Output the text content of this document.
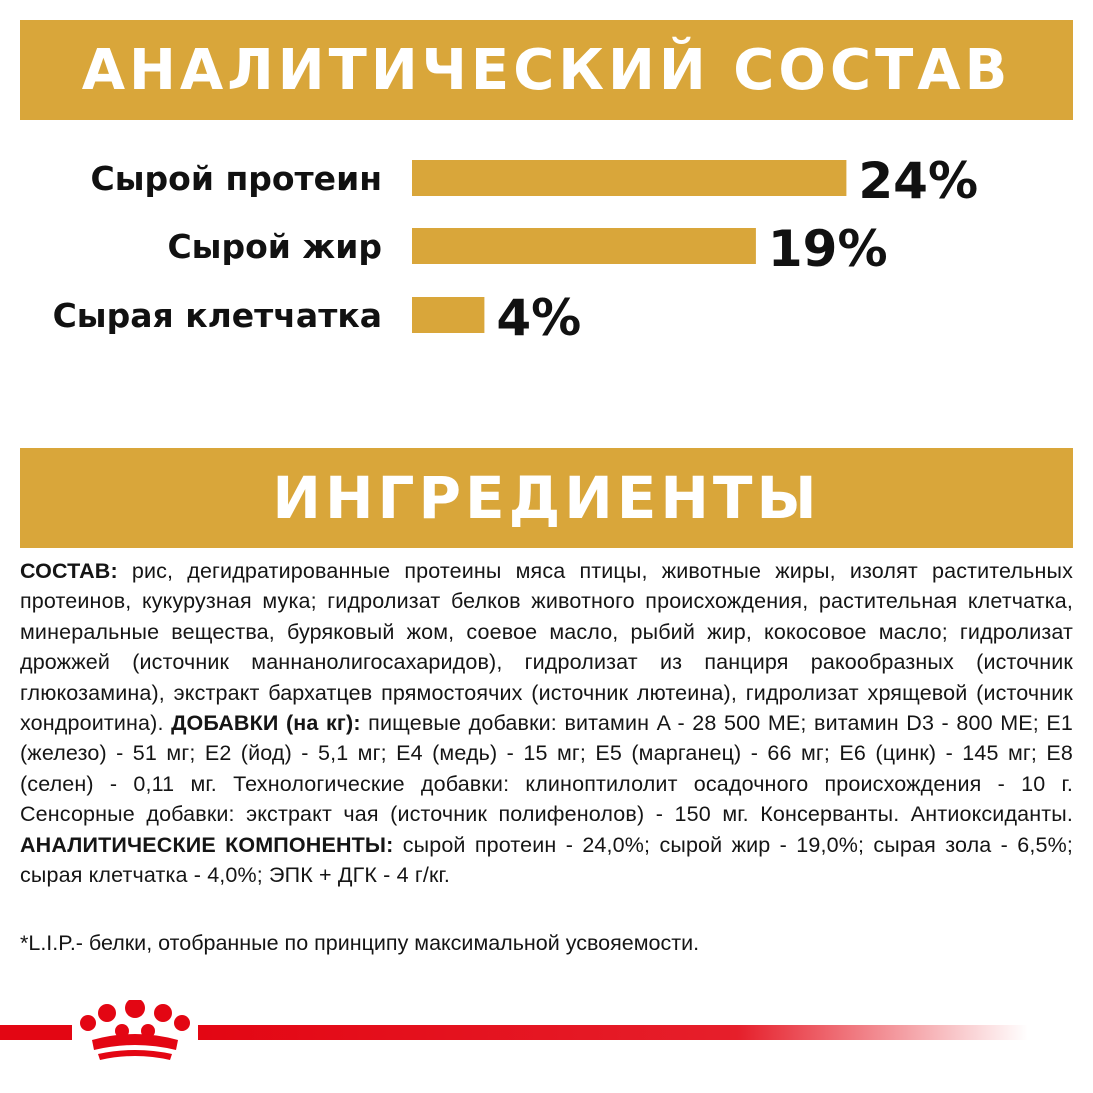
АНАЛИТИЧЕСКИЙ СОСТАВ
Сырой протеин	24%
Сырой жир	19%
Сырая клетчатка 4%
ИНГРЕДИЕНТЫ
СОСТАВ: рис, дегидратированные протеины мяса птицы, животные жиры, изолят растительных протеинов, кукурузная мука; гидролизат белков животного происхождения, растительная клетчатка, минеральные вещества, буряковый жом, соевое масло, рыбий жир, кокосовое масло; гидролизат дрожжей (источник маннанолигосахаридов), гидролизат из панциря ракообразных (источник глюкозамина), экстракт бархатцев прямостоячих (источник лютеина), гидролизат хрящевой (источник хондроитина). ДОБАВКИ (на кг): пищевые добавки: витамин A - 28 500 МЕ; витамин D3 - 800 МЕ; E1 (железо) - 51 мг; E2 (йод) - 5,1 мг; E4 (медь) - 15 мг; E5 (марганец) - 66 мг; E6 (цинк) - 145 мг; E8 (селен) - 0,11 мг. Технологические добавки: клиноптилолит осадочного происхождения - 10 г. Сенсорные добавки: экстракт чая (источник полифенолов) - 150 мг. Консерванты. Антиоксиданты. АНАЛИТИЧЕСКИЕ КОМПОНЕНТЫ: сырой протеин - 24,0%; сырой жир - 19,0%; сырая зола - 6,5%; сырая клетчатка - 4,0%; ЭПК + ДГК - 4 г/кг.
*L.I.P.- белки, отобранные по принципу максимальной усвояемости.
